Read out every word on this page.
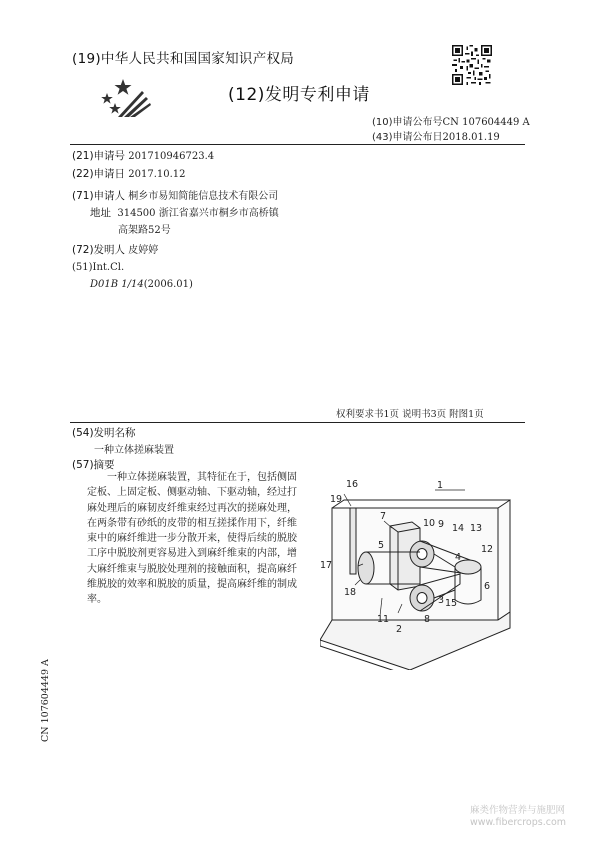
(19)中华人民共和国国家知识产权局
(12)发明专利申请
(10)申请公布号CN 107604449 A
(43)申请公布日2018.01.19
(21)申请号 201710946723.4
(22)申请日 2017.10.12
(71)申请人 桐乡市易知简能信息技术有限公司
地址 314500 浙江省嘉兴市桐乡市高桥镇
高架路52号
(72)发明人 皮婷婷
(51)Int.Cl.
D01B 1/14(2006.01)
权利要求书1页 说明书3页 附图1页
(54)发明名称
一种立体搓麻装置
(57)摘要

一种立体搓麻装置，其特征在于，包括侧固定板、上固定板、侧驱动轴、下驱动轴，经过打麻处理后的麻韧皮纤维束经过再次的搓麻处理，在两条带有砂纸的皮带的相互搓揉作用下，纤维束中的麻纤维进一步分散开来，使得后续的脱胶工序中脱胶剂更容易进入到麻纤维束的内部，增大麻纤维束与脱胶处理剂的接触面积，提高麻纤维脱胶的效率和脱胶的质量，提高麻纤维的制成率。

1
2
3
4
5
6
7
8
9
10
11
12
13
14
15
16
17
18
19
CN 107604449 A
麻类作物营养与施肥网
www.fibercrops.com
